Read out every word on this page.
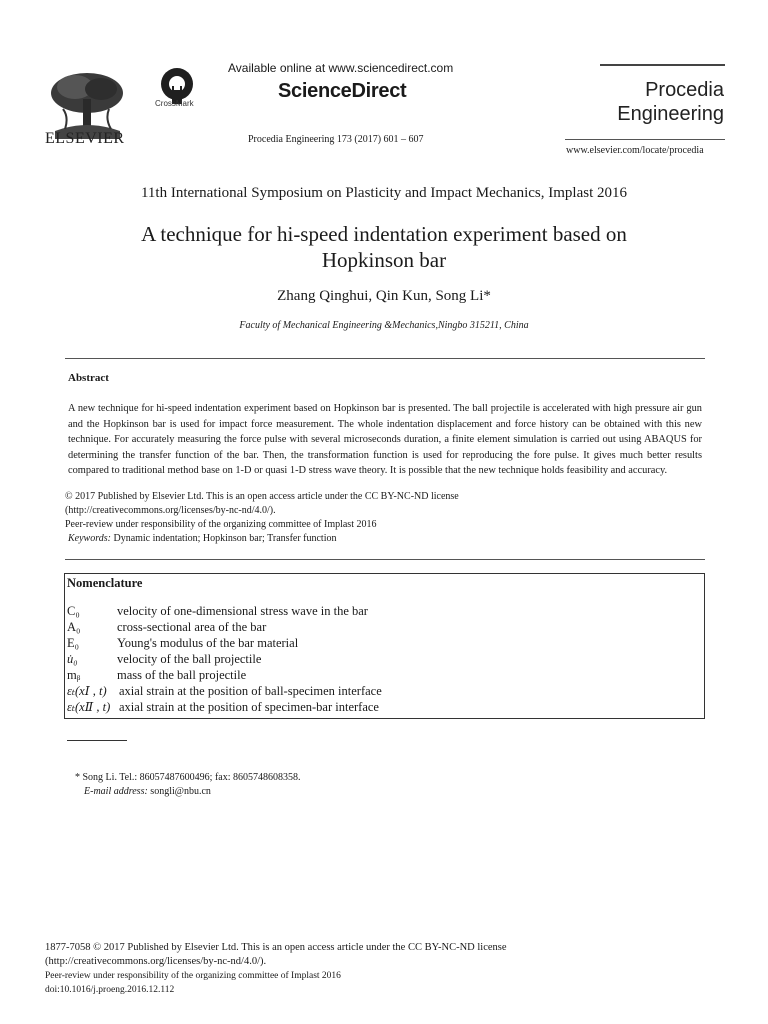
ELSEVIER
CrossMark
Available online at www.sciencedirect.com
ScienceDirect
Procedia Engineering 173 (2017) 601 – 607
Procedia
Engineering
www.elsevier.com/locate/procedia
11th International Symposium on Plasticity and Impact Mechanics, Implast 2016
A technique for hi-speed indentation experiment based on
Hopkinson bar
Zhang Qinghui, Qin Kun, Song Li*
Faculty of Mechanical Engineering &Mechanics,Ningbo 315211, China
Abstract
A new technique for hi-speed indentation experiment based on Hopkinson bar is presented. The ball projectile is accelerated with high pressure air gun and the Hopkinson bar is used for impact force measurement. The whole indentation displacement and force history can be obtained with this new technique. For accurately measuring the force pulse with several microseconds duration, a finite element simulation is carried out using ABAQUS for determining the transfer function of the bar. Then, the transformation function is used for reproducing the fore pulse. It gives much better results compared to traditional method base on 1-D or quasi 1-D stress wave theory. It is possible that the new technique holds feasibility and accuracy.
© 2017 Published by Elsevier Ltd. This is an open access article under the CC BY-NC-ND license
(http://creativecommons.org/licenses/by-nc-nd/4.0/).
Peer-review under responsibility of the organizing committee of Implast 2016
Keywords: Dynamic indentation; Hopkinson bar; Transfer function
Nomenclature
C₀	velocity of one-dimensional stress wave in the bar
A₀	cross-sectional area of the bar
E₀	Young's modulus of the bar material
u̇₀	velocity of the ball projectile
mᵦ	mass of the ball projectile
εₜ(xⅠ , t) axial strain at the position of ball-specimen interface
εₜ(xⅡ , t) axial strain at the position of specimen-bar interface
* Song Li. Tel.: 86057487600496; fax: 8605748608358.
E-mail address: songli@nbu.cn
1877-7058 © 2017 Published by Elsevier Ltd. This is an open access article under the CC BY-NC-ND license
(http://creativecommons.org/licenses/by-nc-nd/4.0/).
Peer-review under responsibility of the organizing committee of Implast 2016
doi:10.1016/j.proeng.2016.12.112
